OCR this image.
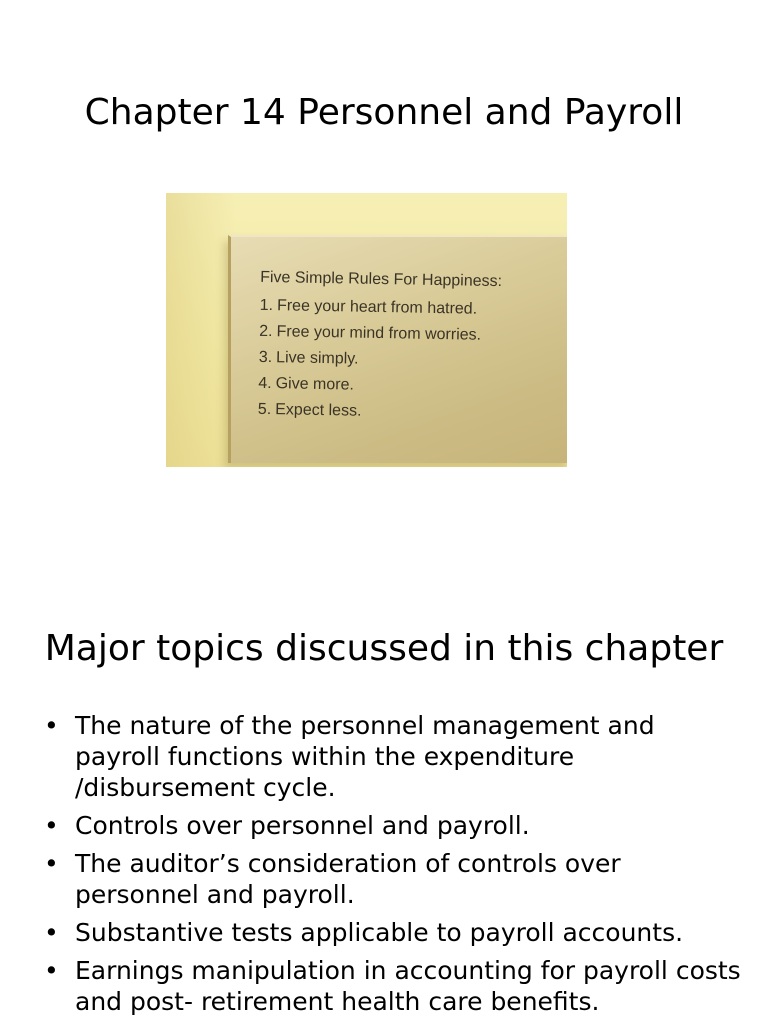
Chapter 14 Personnel and Payroll
Five Simple Rules For Happiness:
1. Free your heart from hatred.
2. Free your mind from worries.
3. Live simply.
4. Give more.
5. Expect less.
Major topics discussed in this chapter
• The nature of the personnel management and payroll functions within the expenditure /disbursement cycle.
• Controls over personnel and payroll.
• The auditor’s consideration of controls over personnel and payroll.
• Substantive tests applicable to payroll accounts.
• Earnings manipulation in accounting for payroll costs and post- retirement health care benefits.
